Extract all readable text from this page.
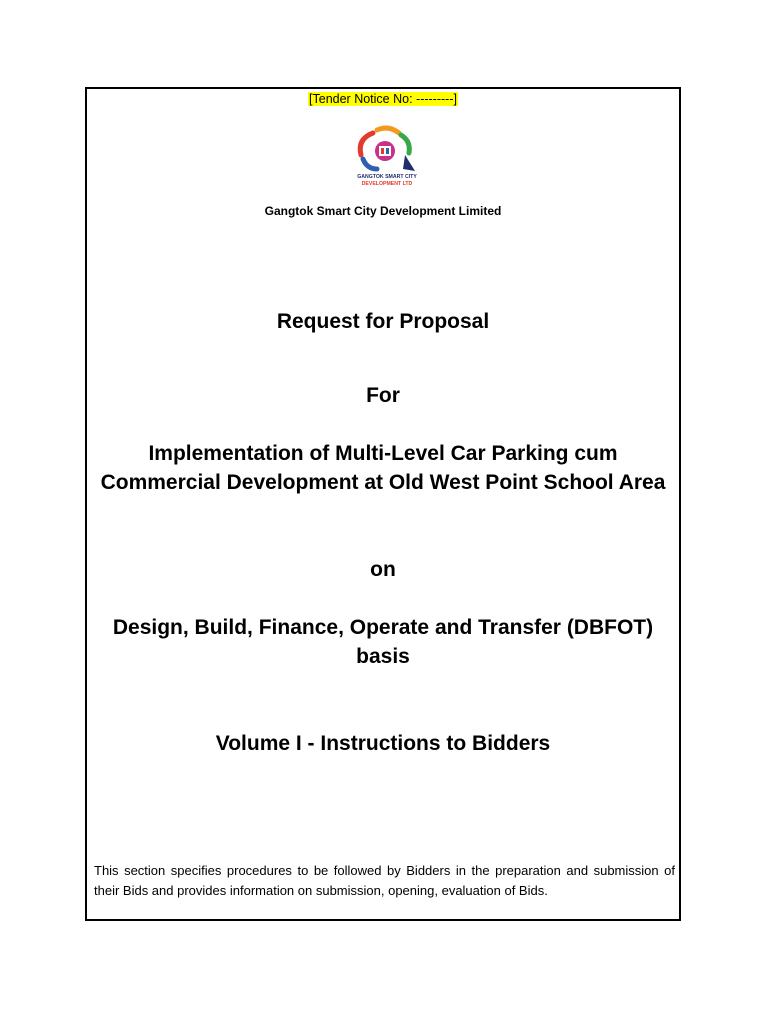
[Tender Notice No: ---------]
GANGTOK SMART CITY
DEVELOPMENT LTD
Gangtok Smart City Development Limited
Request for Proposal
For
Implementation of Multi-Level Car Parking cum Commercial Development at Old West Point School Area
on
Design, Build, Finance, Operate and Transfer (DBFOT) basis
Volume I - Instructions to Bidders
This section specifies procedures to be followed by Bidders in the preparation and submission of their Bids and provides information on submission, opening, evaluation of Bids.
